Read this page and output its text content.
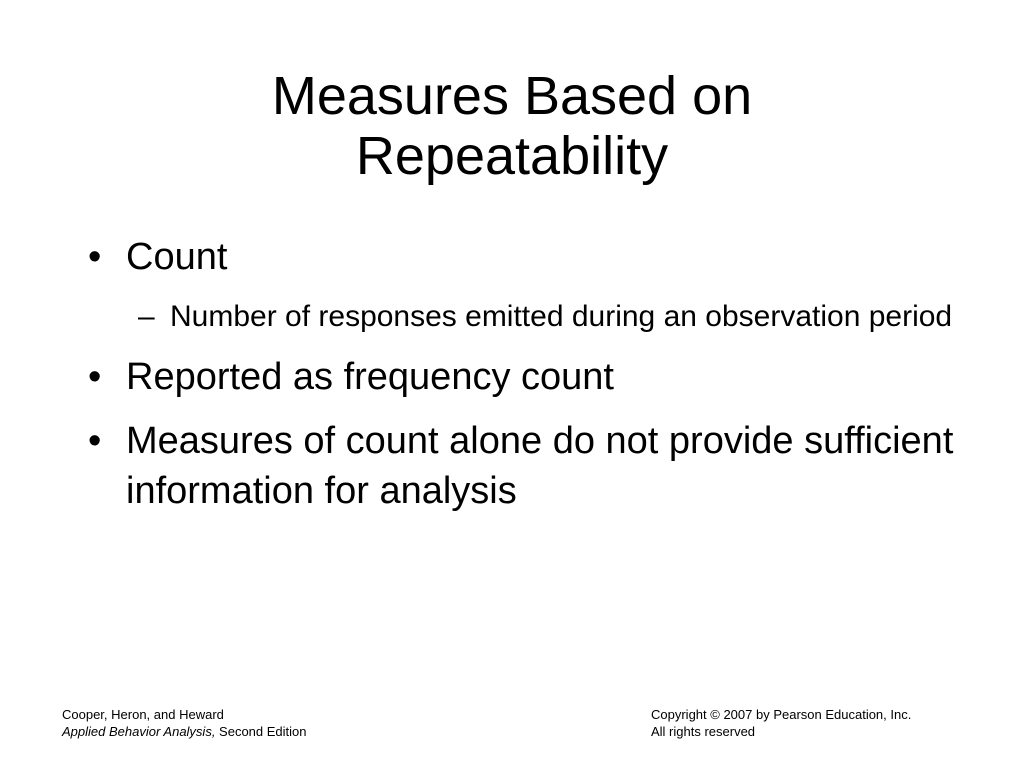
Measures Based on
Repeatability
• Count
– Number of responses emitted during an observation period
• Reported as frequency count
• Measures of count alone do not provide sufficient information for analysis
Cooper, Heron, and Heward
Applied Behavior Analysis, Second Edition
Copyright © 2007 by Pearson Education, Inc.
All rights reserved
